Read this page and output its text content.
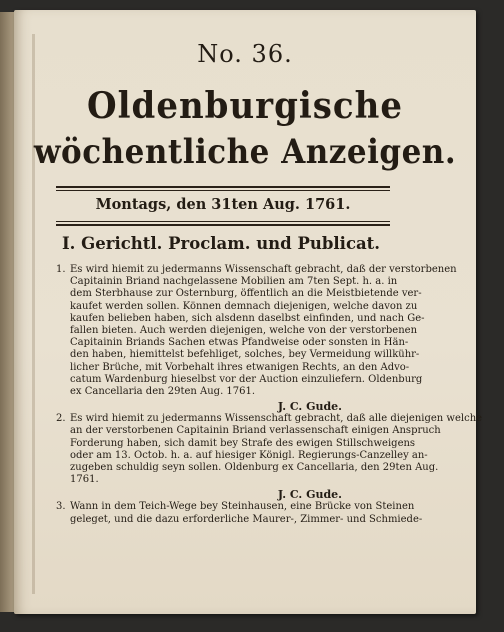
No. 36.
Oldenburgische
wöchentliche Anzeigen.
Montags, den 31ten Aug. 1761.
I. Gerichtl. Proclam. und Publicat.
1. Es wird hiemit zu jedermanns Wissenschaft gebracht, daß der verstorbenen
Capitainin Briand nachgelassene Mobilien am 7ten Sept. h. a. in
dem Sterbhause zur Osternburg, öffentlich an die Meistbietende ver-
kaufet werden sollen. Können demnach diejenigen, welche davon zu
kaufen belieben haben, sich alsdenn daselbst einfinden, und nach Ge-
fallen bieten. Auch werden diejenigen, welche von der verstorbenen
Capitainin Briands Sachen etwas Pfandweise oder sonsten in Hän-
den haben, hiemittelst befehliget, solches, bey Vermeidung willkühr-
licher Brüche, mit Vorbehalt ihres etwanigen Rechts, an den Advo-
catum Wardenburg hieselbst vor der Auction einzuliefern. Oldenburg
ex Cancellaria den 29ten Aug. 1761.
J. C. Gude.
2. Es wird hiemit zu jedermanns Wissenschaft gebracht, daß alle diejenigen welche
an der verstorbenen Capitainin Briand verlassenschaft einigen Anspruch
Forderung haben, sich damit bey Strafe des ewigen Stillschweigens
oder am 13. Octob. h. a. auf hiesiger Königl. Regierungs-Canzelley an-
zugeben schuldig seyn sollen. Oldenburg ex Cancellaria, den 29ten Aug.
1761.
J. C. Gude.
3. Wann in dem Teich-Wege bey Steinhausen, eine Brücke von Steinen
geleget, und die dazu erforderliche Maurer-, Zimmer- und Schmiede-
